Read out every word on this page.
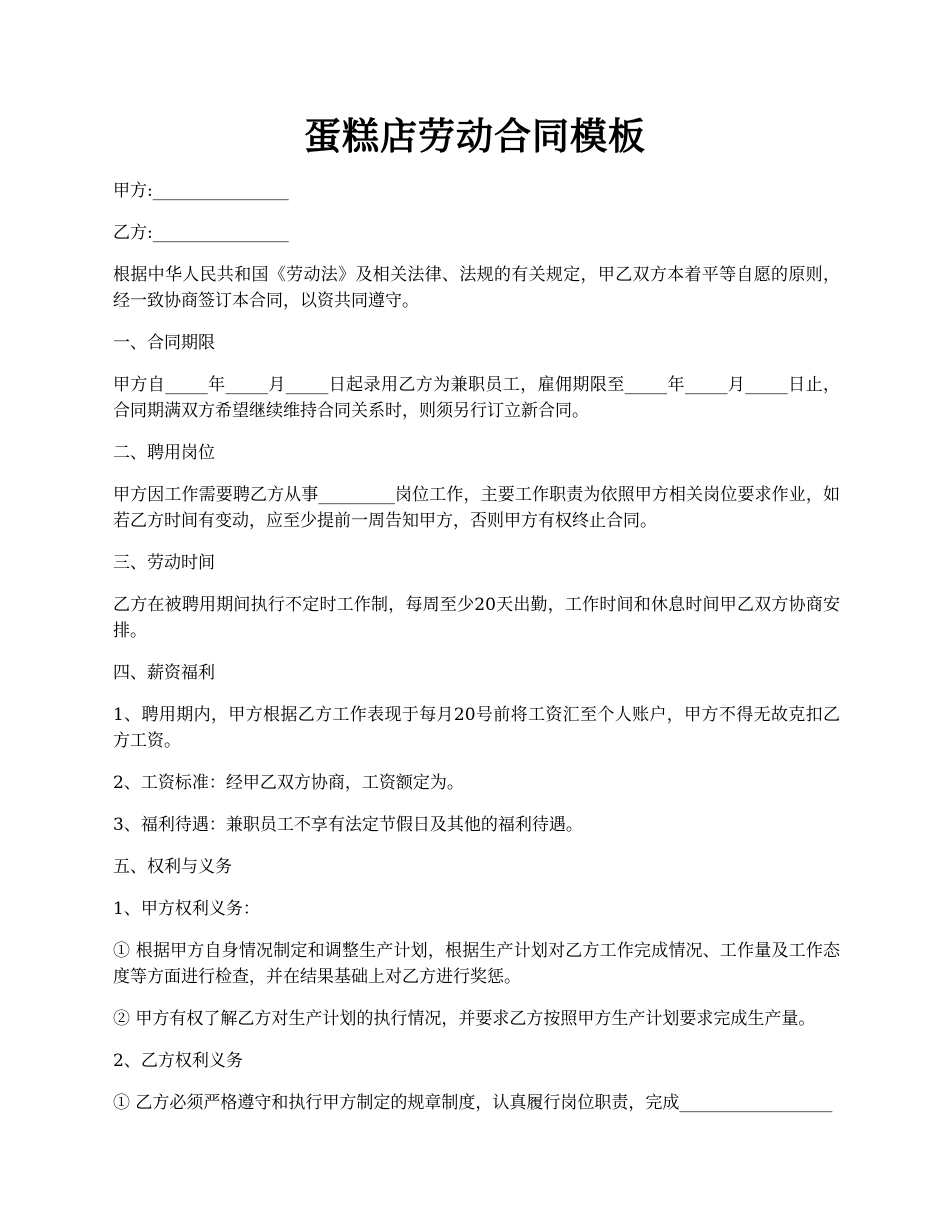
蛋糕店劳动合同模板

甲方:________________

乙方:________________

根据中华人民共和国《劳动法》及相关法律、法规的有关规定，甲乙双方本着平等自愿的原则，经一致协商签订本合同，以资共同遵守。

一、合同期限

甲方自_____年_____月_____日起录用乙方为兼职员工，雇佣期限至_____年_____月_____日止，合同期满双方希望继续维持合同关系时，则须另行订立新合同。

二、聘用岗位

甲方因工作需要聘乙方从事_________岗位工作，主要工作职责为依照甲方相关岗位要求作业，如若乙方时间有变动，应至少提前一周告知甲方，否则甲方有权终止合同。

三、劳动时间

乙方在被聘用期间执行不定时工作制，每周至少20天出勤，工作时间和休息时间甲乙双方协商安排。

四、薪资福利

1、聘用期内，甲方根据乙方工作表现于每月20号前将工资汇至个人账户，甲方不得无故克扣乙方工资。

2、工资标准：经甲乙双方协商，工资额定为。

3、福利待遇：兼职员工不享有法定节假日及其他的福利待遇。

五、权利与义务

1、甲方权利义务：

① 根据甲方自身情况制定和调整生产计划，根据生产计划对乙方工作完成情况、工作量及工作态度等方面进行检查，并在结果基础上对乙方进行奖惩。

② 甲方有权了解乙方对生产计划的执行情况，并要求乙方按照甲方生产计划要求完成生产量。

2、乙方权利义务

① 乙方必须严格遵守和执行甲方制定的规章制度，认真履行岗位职责，完成__________________
